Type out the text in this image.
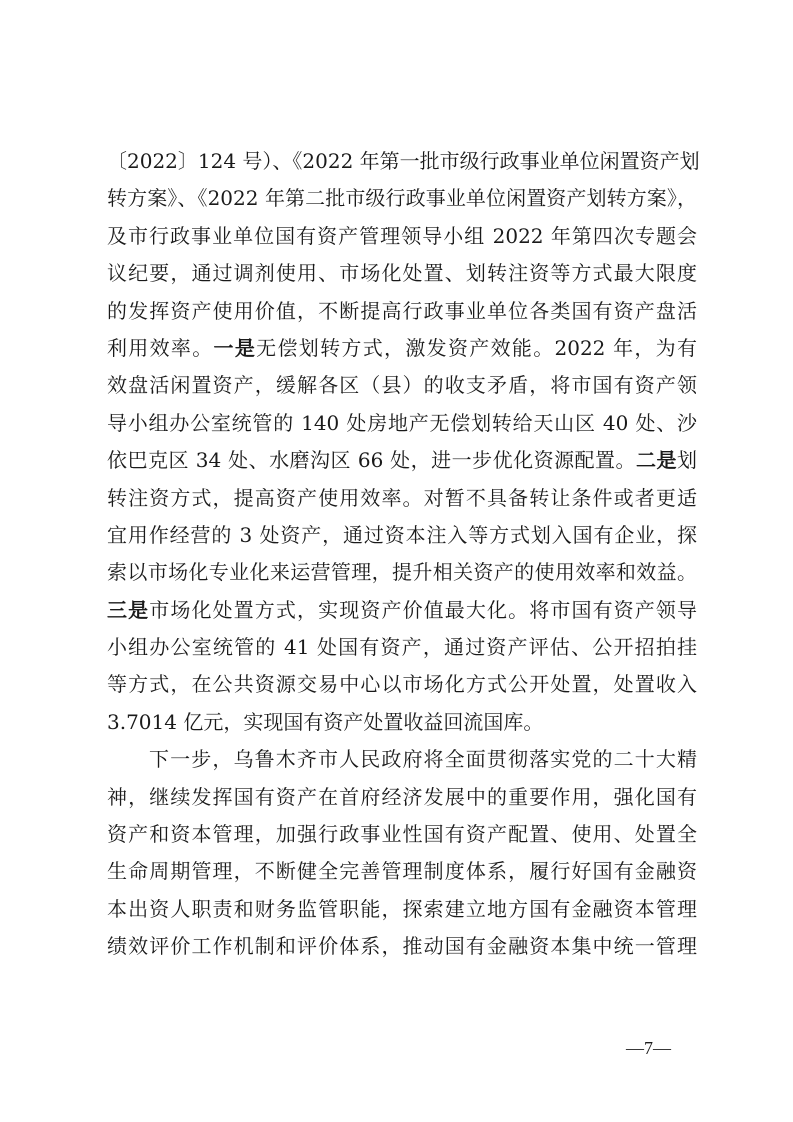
〔2022〕124 号）、《2022 年第一批市级行政事业单位闲置资产划
转方案》、《2022 年第二批市级行政事业单位闲置资产划转方案》，
及市行政事业单位国有资产管理领导小组 2022 年第四次专题会
议纪要，通过调剂使用、市场化处置、划转注资等方式最大限度
的发挥资产使用价值，不断提高行政事业单位各类国有资产盘活
利用效率。一是无偿划转方式，激发资产效能。2022 年，为有
效盘活闲置资产，缓解各区（县）的收支矛盾，将市国有资产领
导小组办公室统管的 140 处房地产无偿划转给天山区 40 处、沙
依巴克区 34 处、水磨沟区 66 处，进一步优化资源配置。二是划
转注资方式，提高资产使用效率。对暂不具备转让条件或者更适
宜用作经营的 3 处资产，通过资本注入等方式划入国有企业，探
索以市场化专业化来运营管理，提升相关资产的使用效率和效益。
三是市场化处置方式，实现资产价值最大化。将市国有资产领导
小组办公室统管的 41 处国有资产，通过资产评估、公开招拍挂
等方式，在公共资源交易中心以市场化方式公开处置，处置收入
3.7014 亿元，实现国有资产处置收益回流国库。
下一步，乌鲁木齐市人民政府将全面贯彻落实党的二十大精
神，继续发挥国有资产在首府经济发展中的重要作用，强化国有
资产和资本管理，加强行政事业性国有资产配置、使用、处置全
生命周期管理，不断健全完善管理制度体系，履行好国有金融资
本出资人职责和财务监管职能，探索建立地方国有金融资本管理
绩效评价工作机制和评价体系，推动国有金融资本集中统一管理
—7—
